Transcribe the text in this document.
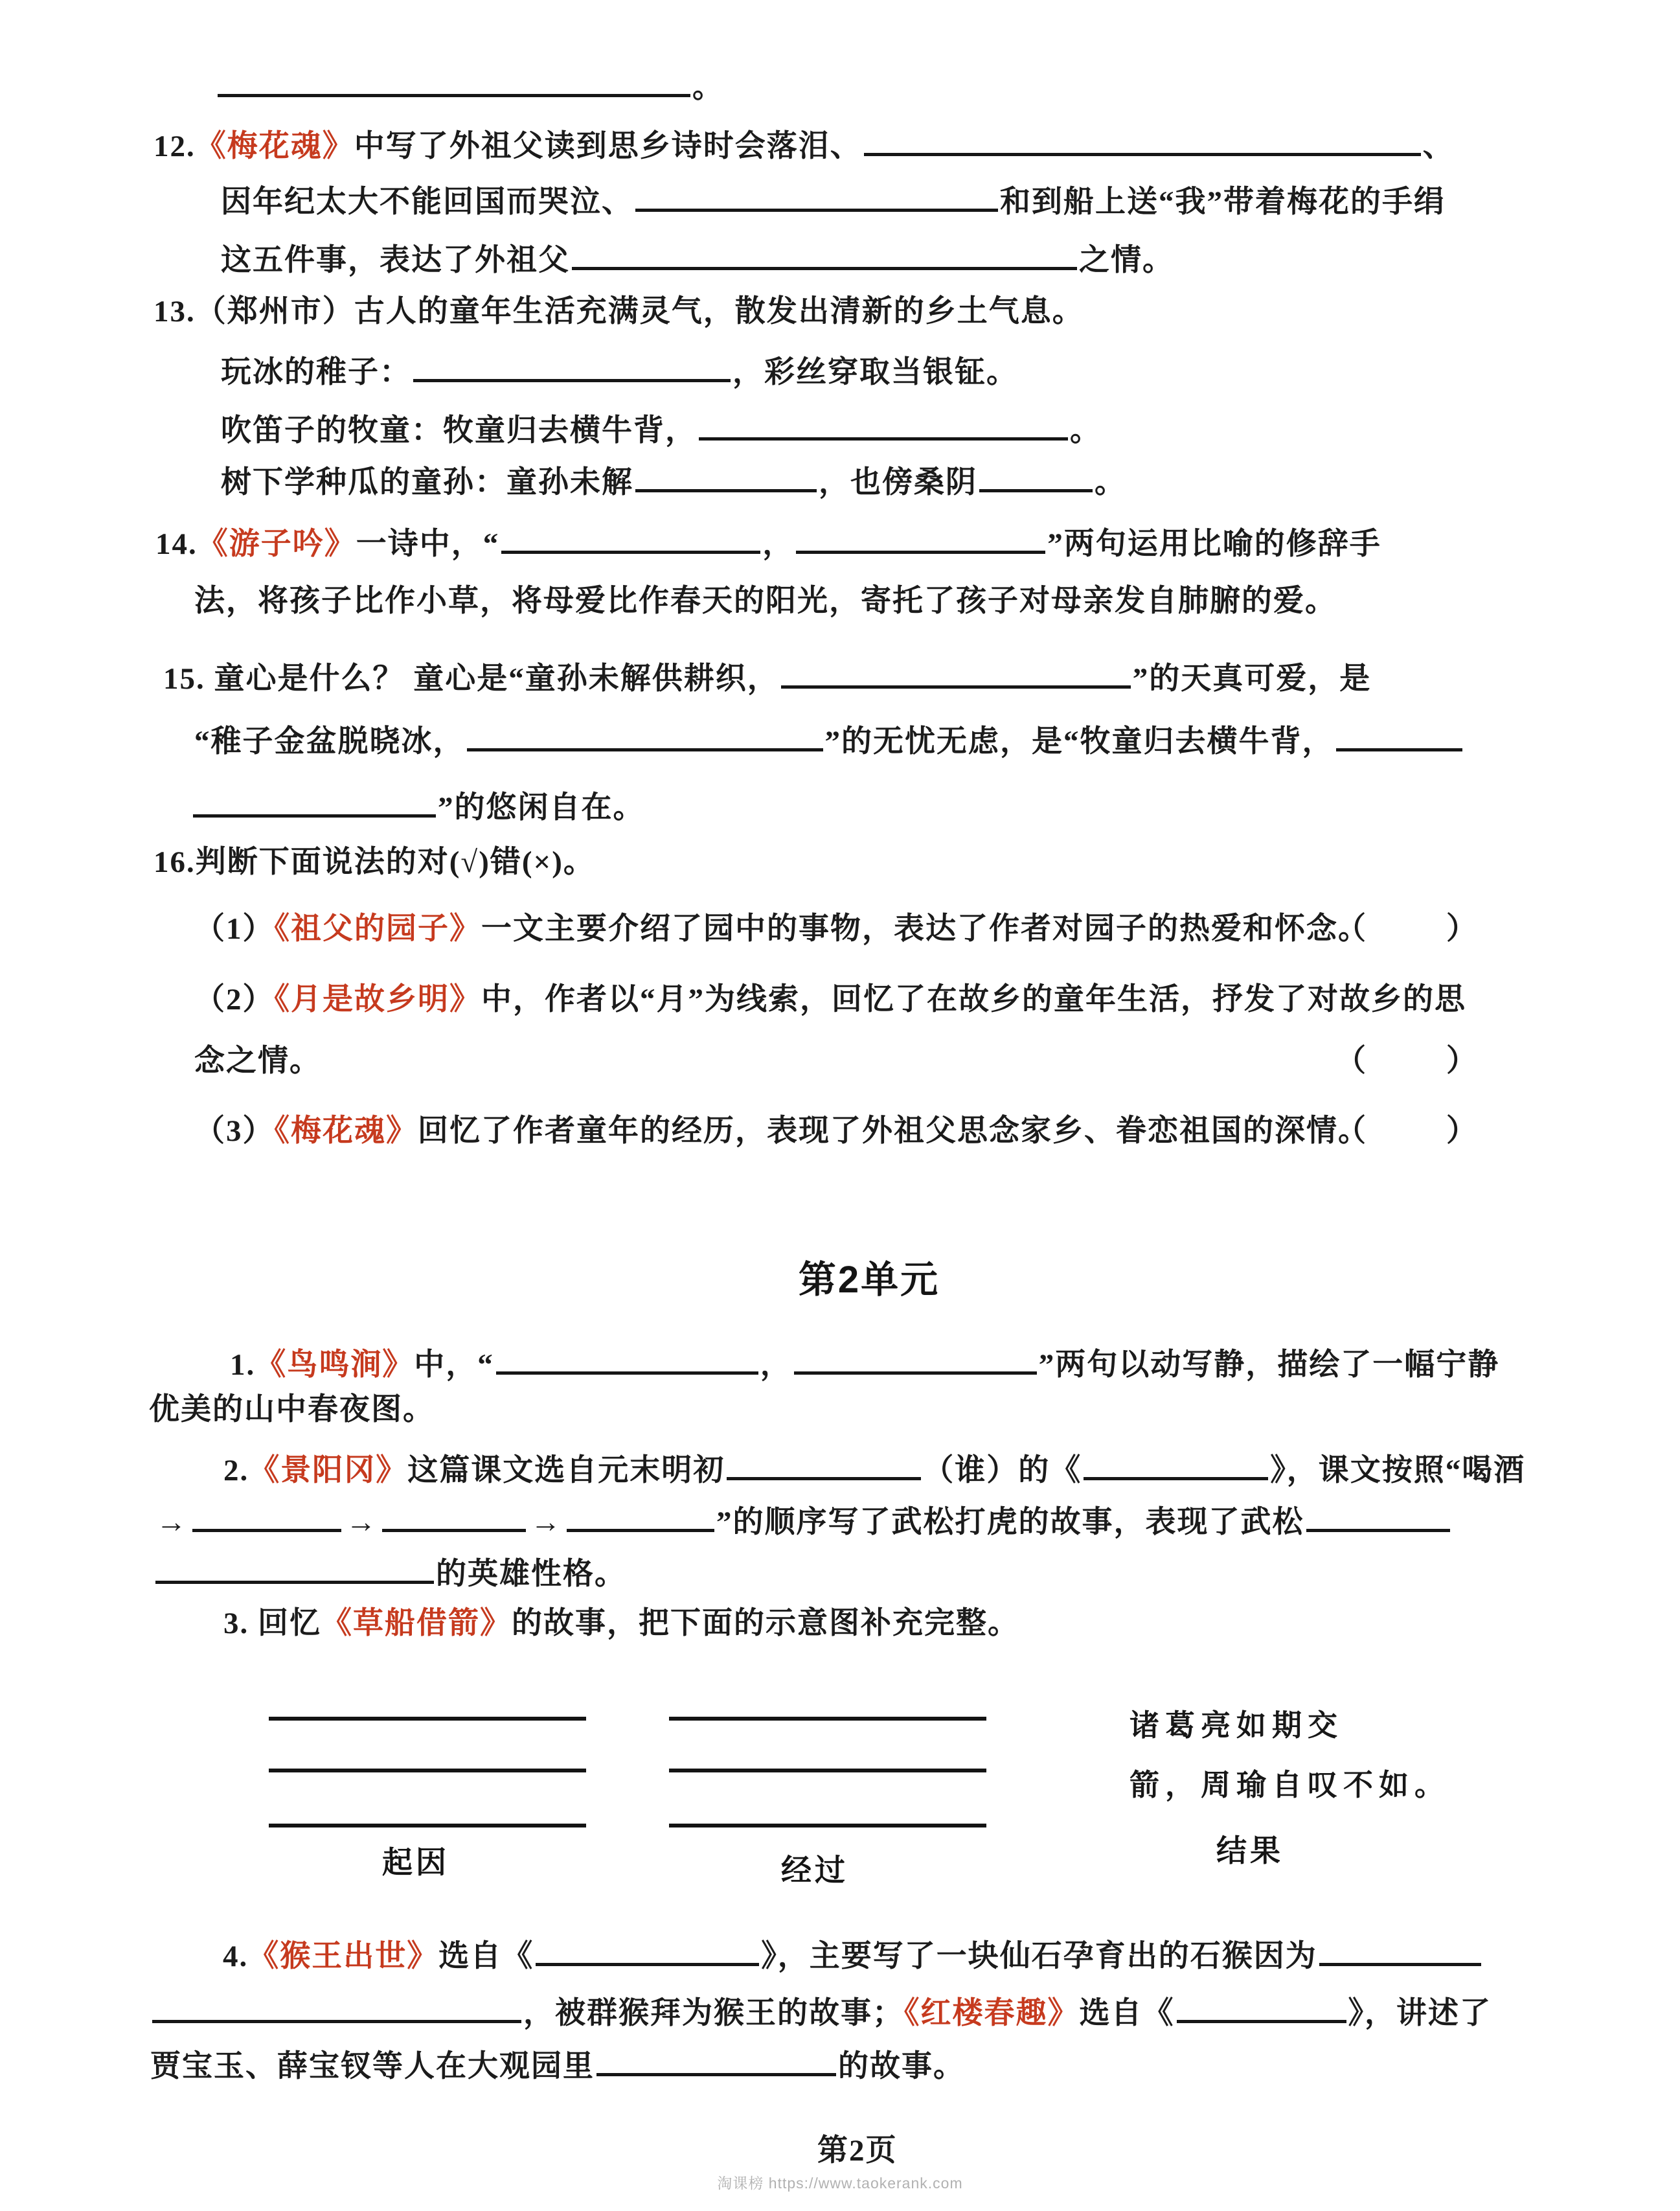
。
12.《梅花魂》中写了外祖父读到思乡诗时会落泪、	、
因年纪太大不能回国而哭泣、	和到船上送“我”带着梅花的手绢
这五件事，表达了外祖父	之情。
13.（郑州市）古人的童年生活充满灵气，散发出清新的乡土气息。
玩冰的稚子：	，彩丝穿取当银钲。
吹笛子的牧童：牧童归去横牛背，	。
树下学种瓜的童孙：童孙未解	，也傍桑阴	。
14.《游子吟》一诗中，“	，	”两句运用比喻的修辞手
法，将孩子比作小草，将母爱比作春天的阳光，寄托了孩子对母亲发自肺腑的爱。
15. 童心是什么？ 童心是“童孙未解供耕织，	”的天真可爱，是
“稚子金盆脱晓冰，	”的无忧无虑，是“牧童归去横牛背，
”的悠闲自在。
16.判断下面说法的对(√)错(×)。
（1）《祖父的园子》一文主要介绍了园中的事物，表达了作者对园子的热爱和怀念。
（　　）
（2）《月是故乡明》中，作者以“月”为线索，回忆了在故乡的童年生活，抒发了对故乡的思
念之情。	（　　）
（3）《梅花魂》回忆了作者童年的经历，表现了外祖父思念家乡、眷恋祖国的深情。
（　　）
1.《鸟鸣涧》中，“	，	”两句以动写静，描绘了一幅宁静
优美的山中春夜图。
2.《景阳冈》这篇课文选自元末明初	（谁）的《	》，课文按照“喝酒
→	→	→	”的顺序写了武松打虎的故事，表现了武松
的英雄性格。
3. 回忆《草船借箭》的故事，把下面的示意图补充完整。
4.《猴王出世》选自《	》，主要写了一块仙石孕育出的石猴因为
，被群猴拜为猴王的故事；《红楼春趣》选自《	》，讲述了
贾宝玉、薛宝钗等人在大观园里	的故事。
第2单元
诸葛亮如期交
箭，周瑜自叹不如。
起因	经过
结果
第2页
淘课榜 https://www.taokerank.com
